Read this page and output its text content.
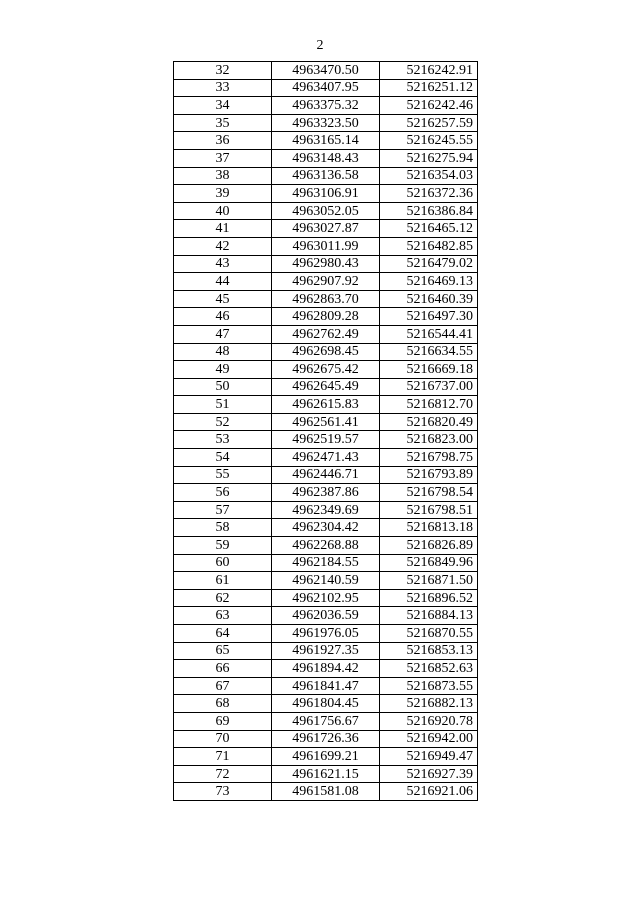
2
32	4963470.50	5216242.91
33	4963407.95	5216251.12
34	4963375.32	5216242.46
35	4963323.50	5216257.59
36	4963165.14	5216245.55
37	4963148.43	5216275.94
38	4963136.58	5216354.03
39	4963106.91	5216372.36
40	4963052.05	5216386.84
41	4963027.87	5216465.12
42	4963011.99	5216482.85
43	4962980.43	5216479.02
44	4962907.92	5216469.13
45	4962863.70	5216460.39
46	4962809.28	5216497.30
47	4962762.49	5216544.41
48	4962698.45	5216634.55
49	4962675.42	5216669.18
50	4962645.49	5216737.00
51	4962615.83	5216812.70
52	4962561.41	5216820.49
53	4962519.57	5216823.00
54	4962471.43	5216798.75
55	4962446.71	5216793.89
56	4962387.86	5216798.54
57	4962349.69	5216798.51
58	4962304.42	5216813.18
59	4962268.88	5216826.89
60	4962184.55	5216849.96
61	4962140.59	5216871.50
62	4962102.95	5216896.52
63	4962036.59	5216884.13
64	4961976.05	5216870.55
65	4961927.35	5216853.13
66	4961894.42	5216852.63
67	4961841.47	5216873.55
68	4961804.45	5216882.13
69	4961756.67	5216920.78
70	4961726.36	5216942.00
71	4961699.21	5216949.47
72	4961621.15	5216927.39
73	4961581.08	5216921.06
